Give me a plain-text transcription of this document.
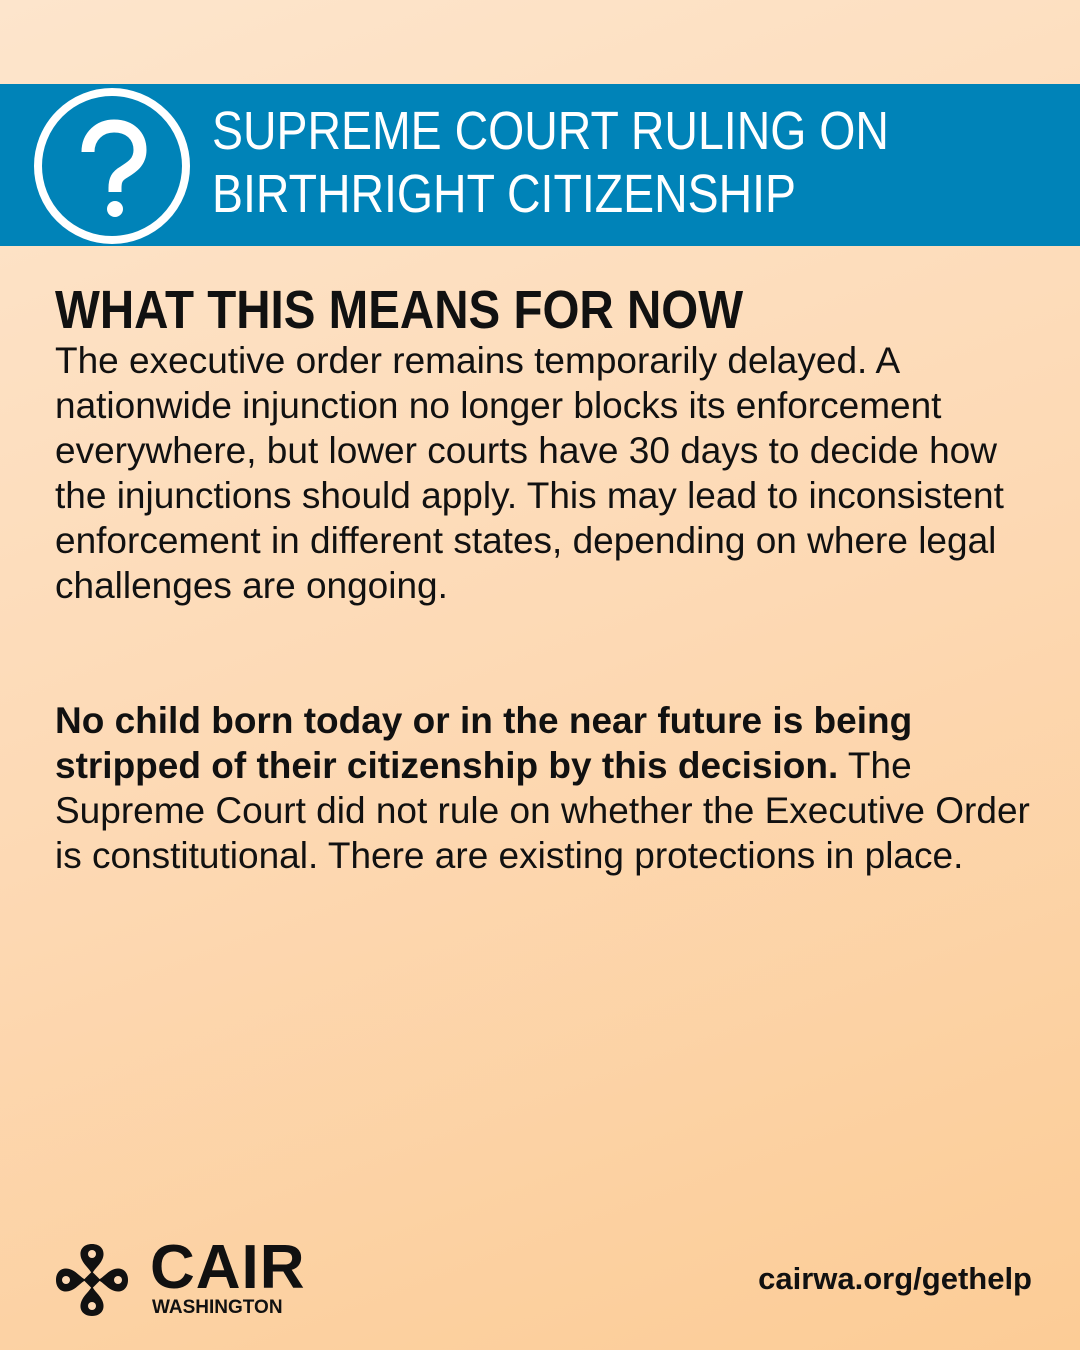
SUPREME COURT RULING ON
BIRTHRIGHT CITIZENSHIP
WHAT THIS MEANS FOR NOW

The executive order remains temporarily delayed. A nationwide injunction no longer blocks its enforcement everywhere, but lower courts have 30 days to decide how the injunctions should apply. This may lead to inconsistent enforcement in different states, depending on where legal challenges are ongoing.

No child born today or in the near future is being stripped of their citizenship by this decision. The Supreme Court did not rule on whether the Executive Order is constitutional. There are existing protections in place.

CAIR
WASHINGTON
cairwa.org/gethelp
